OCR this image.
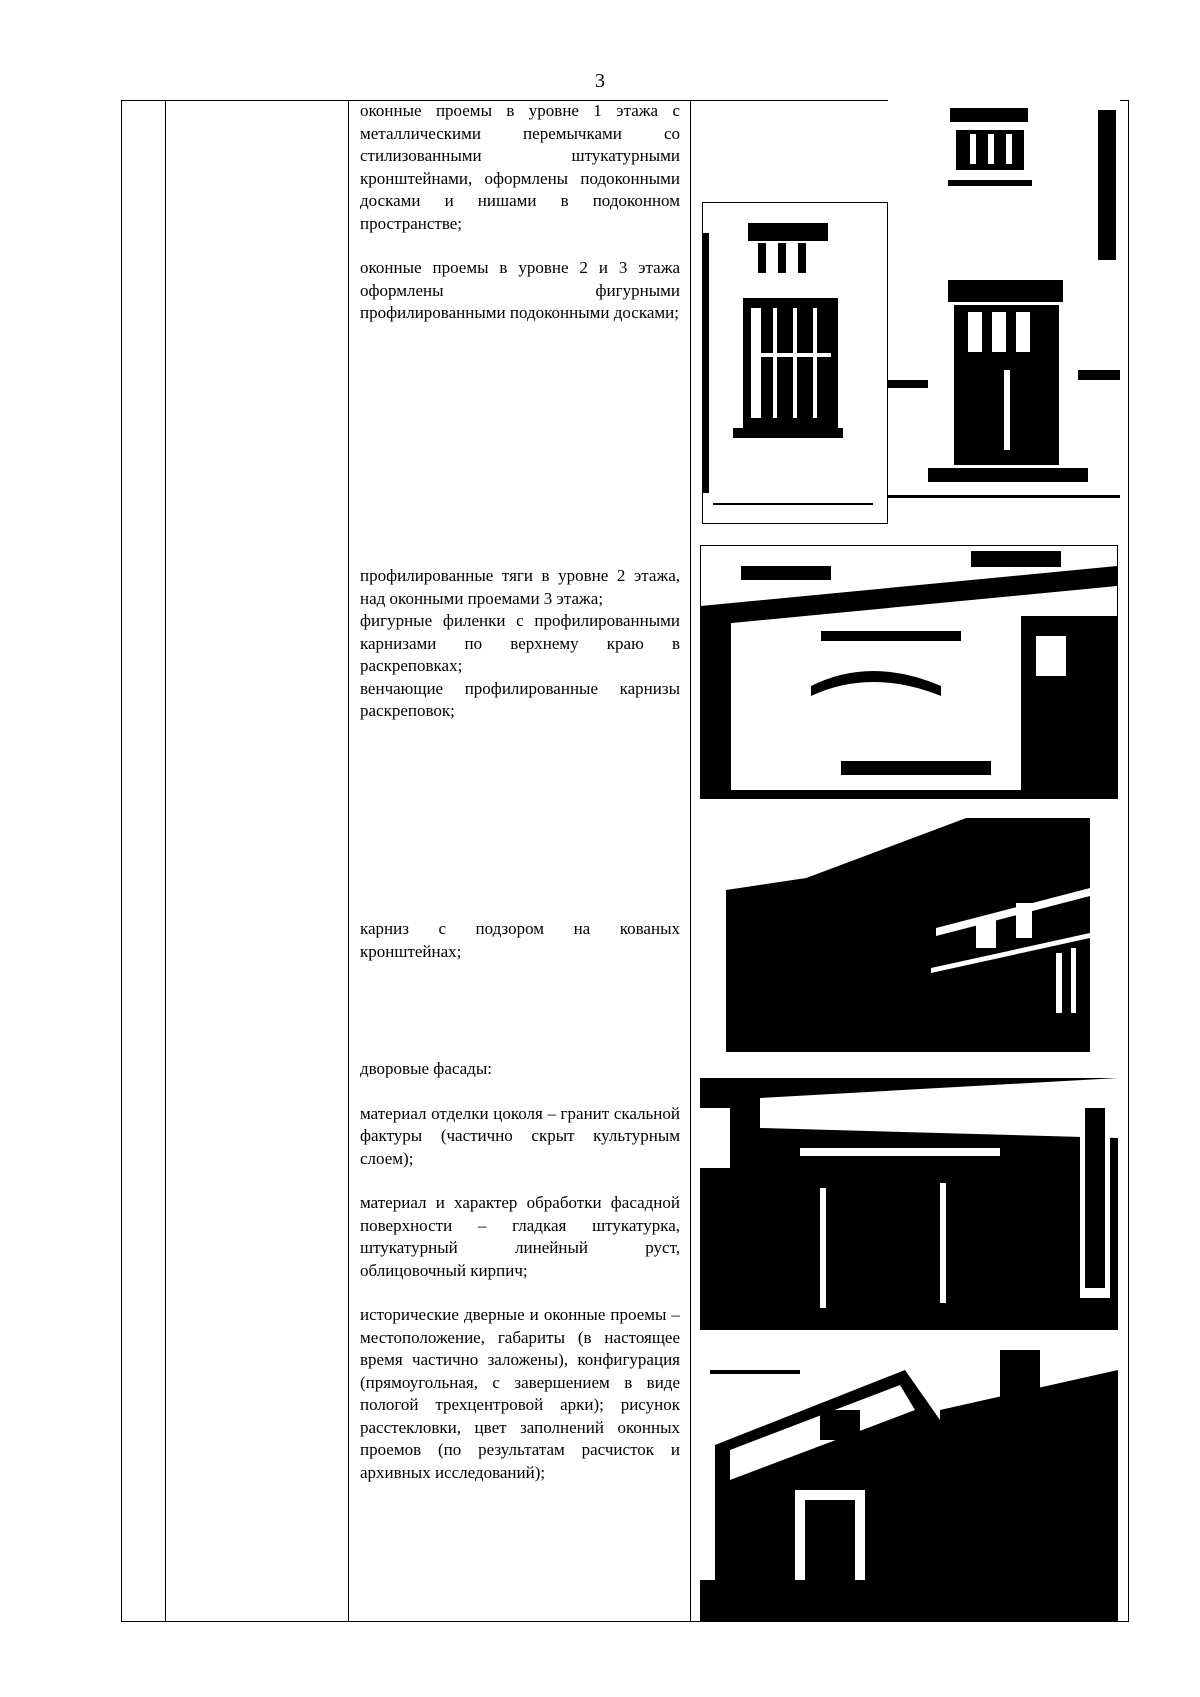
3

оконные проемы в уровне 1 этажа с металлическими перемычками со стилизованными штукатурными кронштейнами, оформлены подоконными досками и нишами в подоконном пространстве;

оконные проемы в уровне 2 и 3 этажа оформлены фигурными профилированными подоконными досками;

профилированные тяги в уровне 2 этажа, над оконными проемами 3 этажа;

фигурные филенки с профилированными карнизами по верхнему краю в раскреповках;

венчающие профилированные карнизы раскреповок;

карниз с подзором на кованых кронштейнах;

дворовые фасады:

материал отделки цоколя – гранит скальной фактуры (частично скрыт культурным слоем);

материал и характер обработки фасадной поверхности – гладкая штукатурка, штукатурный линейный руст, облицовочный кирпич;

исторические дверные и оконные проемы – местоположение, габариты (в настоящее время частично заложены), конфигурация (прямоугольная, с завершением в виде пологой трехцентровой арки); рисунок расстекловки, цвет заполнений оконных проемов (по результатам расчисток и архивных исследований);
